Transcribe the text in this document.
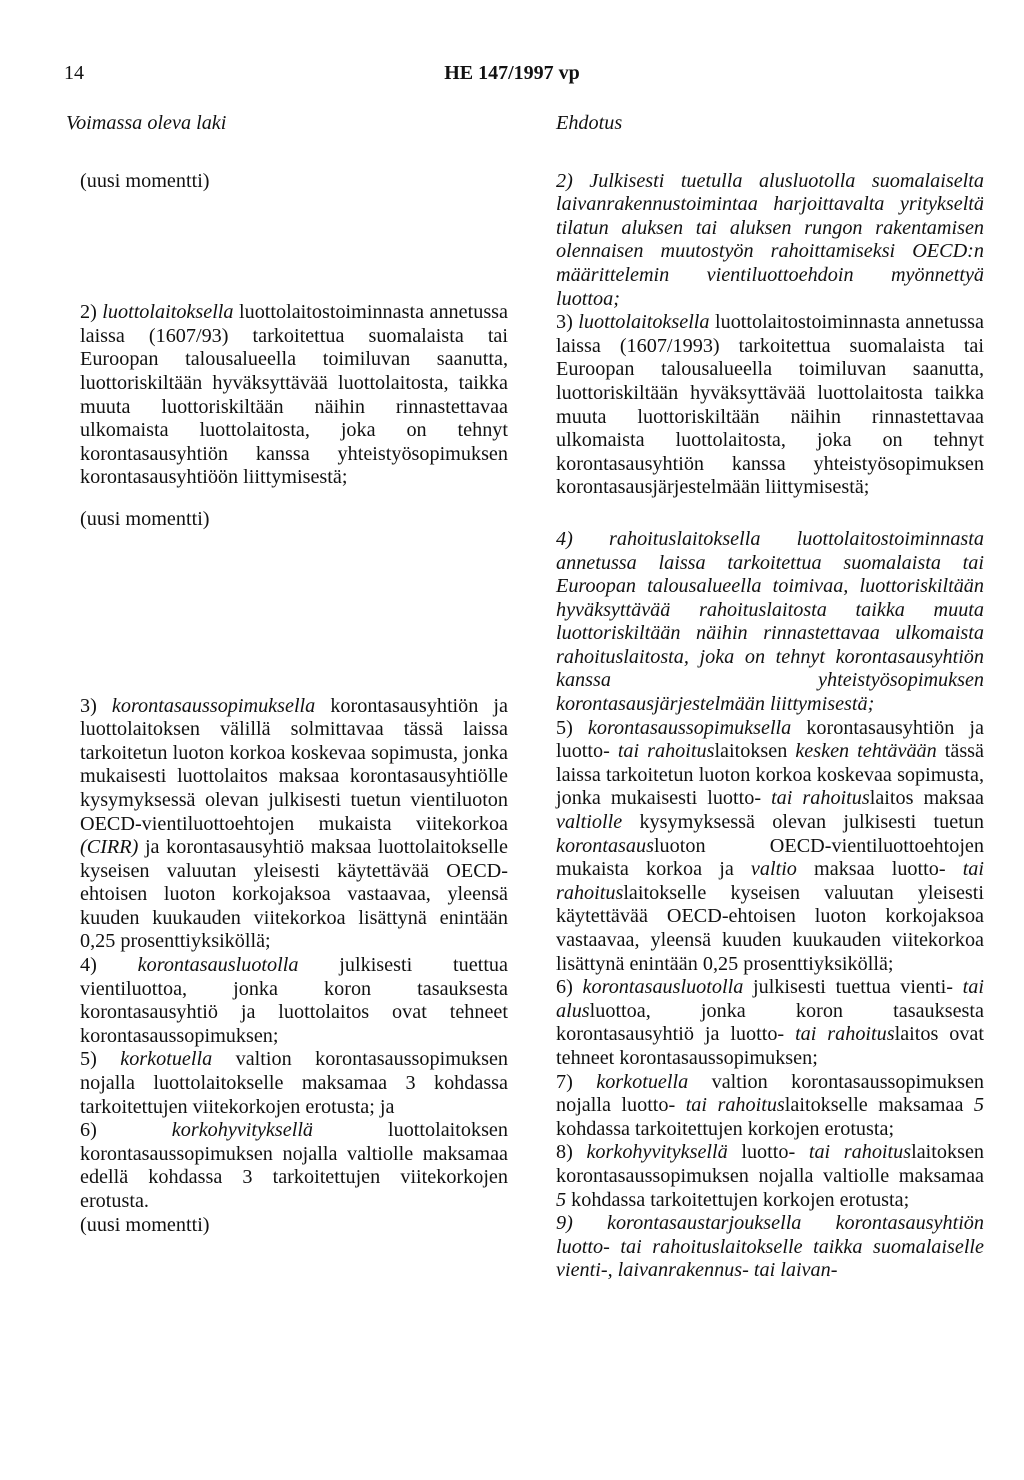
14	HE 147/1997 vp
Voimassa oleva laki
(uusi momentti)
2) luottolaitoksella luottolaitostoiminnasta annetussa laissa (1607/93) tarkoitettua suomalaista tai Euroopan talousalueella toimiluvan saanutta, luottoriskiltään hyväksyttävää luottolaitosta, taikka muuta luottoriskiltään näihin rinnastettavaa ulkomaista luottolaitosta, joka on tehnyt korontasausyhtiön kanssa yhteistyösopimuksen korontasausyhtiöön liittymisestä;
(uusi momentti)
3) korontasaussopimuksella korontasausyhtiön ja luottolaitoksen välillä solmittavaa tässä laissa tarkoitetun luoton korkoa koskevaa sopimusta, jonka mukaisesti luottolaitos maksaa korontasausyhtiölle kysymyksessä olevan julkisesti tuetun vientiluoton OECD-vientiluottoehtojen mukaista viitekorkoa (CIRR) ja korontasausyhtiö maksaa luottolaitokselle kyseisen valuutan yleisesti käytettävää OECD-ehtoisen luoton korkojaksoa vastaavaa, yleensä kuuden kuukauden viitekorkoa lisättynä enintään 0,25 prosenttiyksiköllä;
4) korontasausluotolla julkisesti tuettua vientiluottoa, jonka koron tasauksesta korontasausyhtiö ja luottolaitos ovat tehneet korontasaussopimuksen;
5) korkotuella valtion korontasaussopimuksen nojalla luottolaitokselle maksamaa 3 kohdassa tarkoitettujen viitekorkojen erotusta; ja
6) korkohyvityksellä luottolaitoksen korontasaussopimuksen nojalla valtiolle maksamaa edellä kohdassa 3 tarkoitettujen viitekorkojen erotusta.
(uusi momentti)
Ehdotus
2) Julkisesti tuetulla alusluotolla suomalaiselta laivanrakennustoimintaa harjoittavalta yritykseltä tilatun aluksen tai aluksen rungon rakentamisen olennaisen muutostyön rahoittamiseksi OECD:n määrittelemin vientiluottoehdoin myönnettyä luottoa;
3) luottolaitoksella luottolaitostoiminnasta annetussa laissa (1607/1993) tarkoitettua suomalaista tai Euroopan talousalueella toimiluvan saanutta, luottoriskiltään hyväksyttävää luottolaitosta taikka muuta luottoriskiltään näihin rinnastettavaa ulkomaista luottolaitosta, joka on tehnyt korontasausyhtiön kanssa yhteistyösopimuksen korontasausjärjestelmään liittymisestä;
4) rahoituslaitoksella luottolaitostoiminnasta annetussa laissa tarkoitettua suomalaista tai Euroopan talousalueella toimivaa, luottoriskiltään hyväksyttävää rahoituslaitosta taikka muuta luottoriskiltään näihin rinnastettavaa ulkomaista rahoituslaitosta, joka on tehnyt korontasausyhtiön kanssa yhteistyösopimuksen korontasausjärjestelmään liittymisestä;
5) korontasaussopimuksella korontasausyhtiön ja luotto- tai rahoituslaitoksen kesken tehtävään tässä laissa tarkoitetun luoton korkoa koskevaa sopimusta, jonka mukaisesti luotto- tai rahoituslaitos maksaa valtiolle kysymyksessä olevan julkisesti tuetun korontasausluoton OECD-vientiluottoehtojen mukaista korkoa ja valtio maksaa luotto- tai rahoituslaitokselle kyseisen valuutan yleisesti käytettävää OECD-ehtoisen luoton korkojaksoa vastaavaa, yleensä kuuden kuukauden viitekorkoa lisättynä enintään 0,25 prosenttiyksiköllä;
6) korontasausluotolla julkisesti tuettua vienti- tai alusluottoa, jonka koron tasauksesta korontasausyhtiö ja luotto- tai rahoituslaitos ovat tehneet korontasaussopimuksen;
7) korkotuella valtion korontasaussopimuksen nojalla luotto- tai rahoituslaitokselle maksamaa 5 kohdassa tarkoitettujen korkojen erotusta;
8) korkohyvityksellä luotto- tai rahoituslaitoksen korontasaussopimuksen nojalla valtiolle maksamaa 5 kohdassa tarkoitettujen korkojen erotusta;
9) korontasaustarjouksella korontasausyhtiön luotto- tai rahoituslaitokselle taikka suomalaiselle vienti-, laivanrakennus- tai laivan-
